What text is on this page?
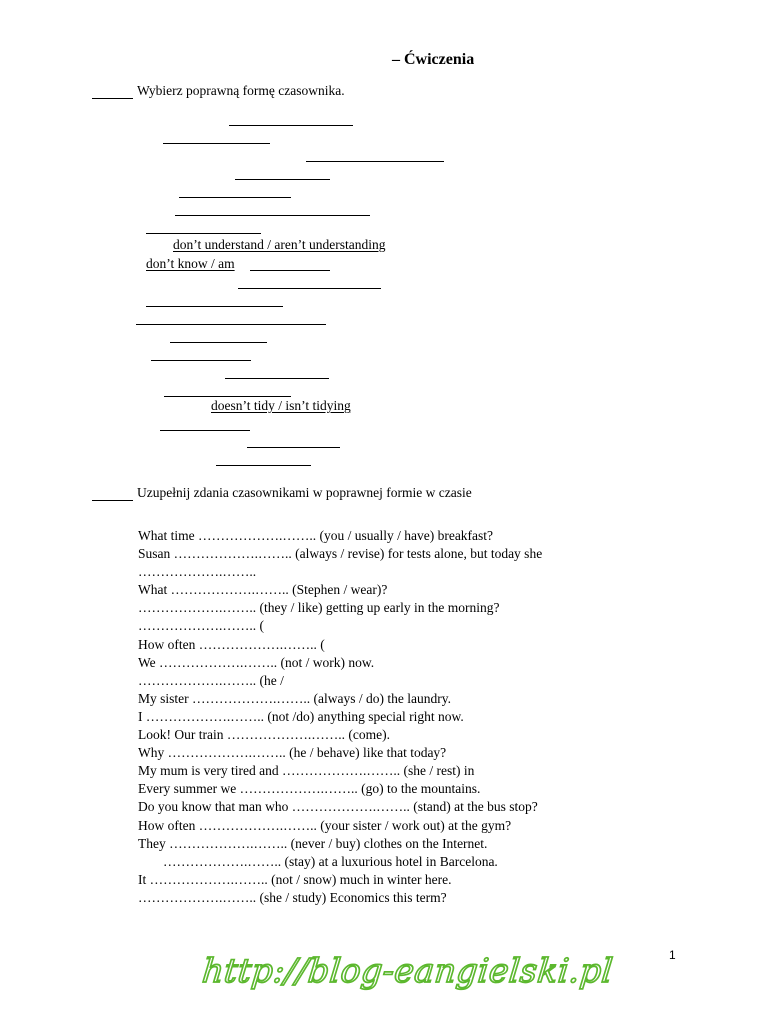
– Ćwiczenia
Wybierz poprawną formę czasownika.
don’t understand / aren’t understanding
don’t know / am
doesn’t tidy / isn’t tidying
Uzupełnij zdania czasownikami w poprawnej formie w czasie
What time ……………….…….. (you / usually / have) breakfast?
Susan ……………….…….. (always / revise) for tests alone, but today she
……………….……..
What ……………….…….. (Stephen / wear)?
……………….…….. (they / like) getting up early in the morning?
……………….…….. (
How often ……………….…….. (
We ……………….…….. (not / work) now.
……………….…….. (he /
My sister ……………….…….. (always / do) the laundry.
I ……………….…….. (not /do) anything special right now.
Look! Our train ……………….…….. (come).
Why ……………….…….. (he / behave) like that today?
My mum is very tired and ……………….…….. (she / rest) in
Every summer we ……………….…….. (go) to the mountains.
Do you know that man who ……………….…….. (stand) at the bus stop?
How often ……………….…….. (your sister / work out) at the gym?
They ……………….…….. (never / buy) clothes on the Internet.
……………….…….. (stay) at a luxurious hotel in Barcelona.
It ……………….…….. (not / snow) much in winter here.
……………….…….. (she / study) Economics this term?
1
http://blog-eangielski.pl
